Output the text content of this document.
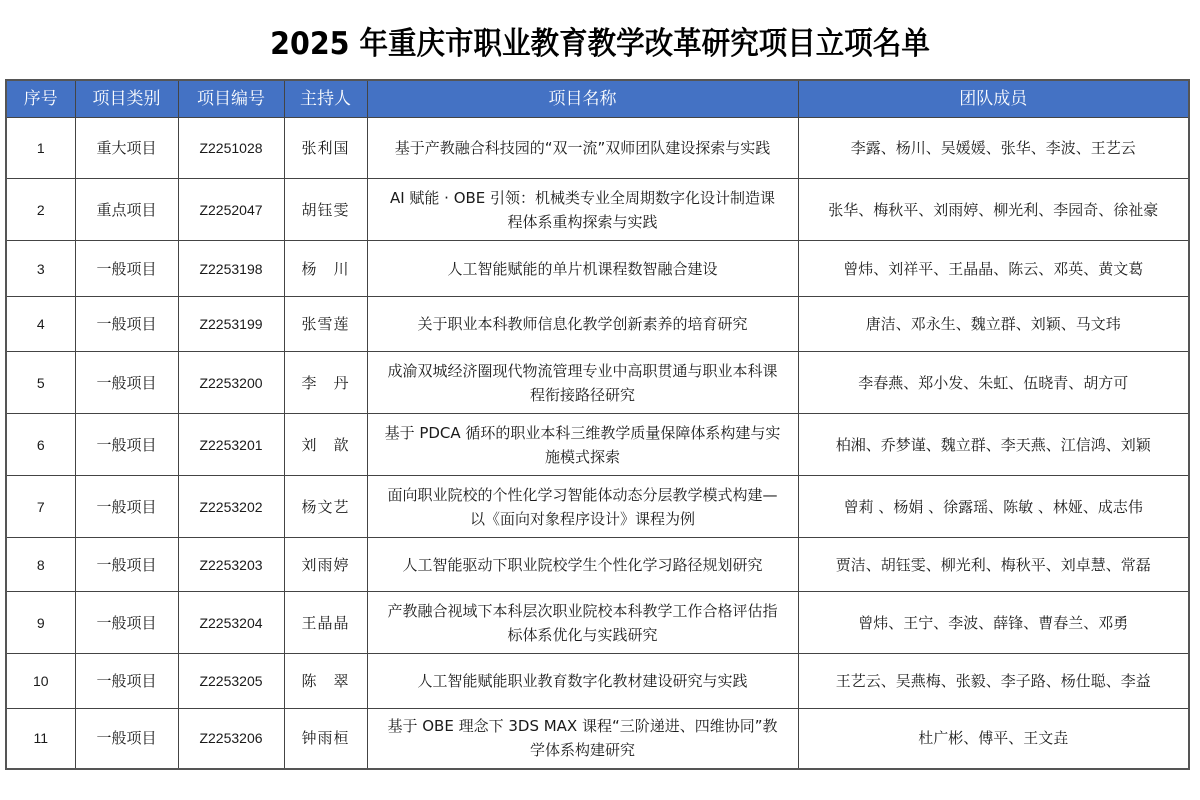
2025 年重庆市职业教育教学改革研究项目立项名单
序号	项目类别	项目编号	主持人	项目名称	团队成员
1	重大项目	Z2251028	张利国	基于产教融合科技园的“双一流”双师团队建设探索与实践	李露、杨川、吴媛媛、张华、李波、王艺云
2	重点项目	Z2252047	胡钰雯	AI 赋能 · OBE 引领：机械类专业全周期数字化设计制造课程体系重构探索与实践	张华、梅秋平、刘雨婷、柳光利、李园奇、徐祉豪
3	一般项目	Z2253198	杨　川	人工智能赋能的单片机课程数智融合建设	曾炜、刘祥平、王晶晶、陈云、邓英、黄文葛
4	一般项目	Z2253199	张雪莲	关于职业本科教师信息化教学创新素养的培育研究	唐洁、邓永生、魏立群、刘颖、马文玮
5	一般项目	Z2253200	李　丹	成渝双城经济圈现代物流管理专业中高职贯通与职业本科课程衔接路径研究	李春燕、郑小发、朱虹、伍晓青、胡方可
6	一般项目	Z2253201	刘　歆	基于 PDCA 循环的职业本科三维教学质量保障体系构建与实施模式探索	柏湘、乔梦谨、魏立群、李天燕、江信鸿、刘颖
7	一般项目	Z2253202	杨文艺	面向职业院校的个性化学习智能体动态分层教学模式构建—以《面向对象程序设计》课程为例	曾莉 、杨娟 、徐露瑶、陈敏 、林娅、成志伟
8	一般项目	Z2253203	刘雨婷	人工智能驱动下职业院校学生个性化学习路径规划研究	贾洁、胡钰雯、柳光利、梅秋平、刘卓慧、常磊
9	一般项目	Z2253204	王晶晶	产教融合视域下本科层次职业院校本科教学工作合格评估指标体系优化与实践研究	曾炜、王宁、李波、薛锋、曹春兰、邓勇
10	一般项目	Z2253205	陈　翠	人工智能赋能职业教育数字化教材建设研究与实践	王艺云、吴燕梅、张毅、李子路、杨仕聪、李益
11	一般项目	Z2253206	钟雨桓	基于 OBE 理念下 3DS MAX 课程“三阶递进、四维协同”教学体系构建研究	杜广彬、傅平、王文垚
